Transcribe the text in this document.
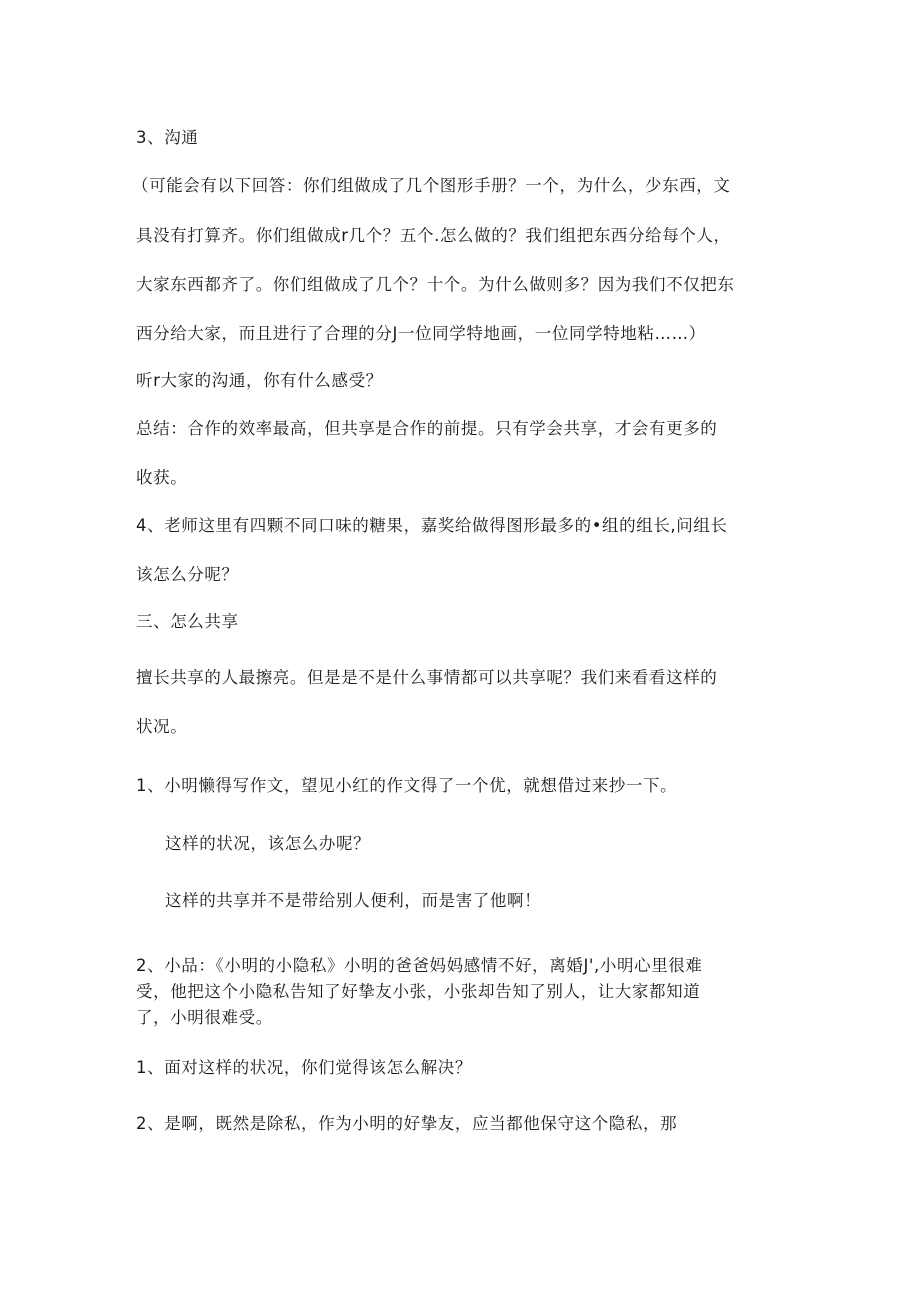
3、沟通
（可能会有以下回答：你们组做成了几个图形手册？一个，为什么，少东西，文
具没有打算齐。你们组做成r几个？五个.怎么做的？我们组把东西分给每个人，
大家东西都齐了。你们组做成了几个？十个。为什么做则多？因为我们不仅把东
西分给大家，而且进行了合理的分J一位同学特地画，一位同学特地粘……）
听r大家的沟通，你有什么感受？
总结：合作的效率最高，但共享是合作的前提。只有学会共享，才会有更多的
收获。
4、老师这里有四颗不同口味的糖果，嘉奖给做得图形最多的•组的组长,问组长
该怎么分呢？
三、怎么共享
擅长共享的人最擦亮。但是是不是什么事情都可以共享呢？我们来看看这样的
状况。
1、小明懒得写作文，望见小红的作文得了一个优，就想借过来抄一下。
这样的状况，该怎么办呢？
这样的共享并不是带给别人便利，而是害了他啊！
2、小品：《小明的小隐私》小明的爸爸妈妈感情不好，离婚J',小明心里很难
受，他把这个小隐私告知了好挚友小张，小张却告知了别人，让大家都知道
了，小明很难受。
1、面对这样的状况，你们觉得该怎么解决？
2、是啊，既然是除私，作为小明的好挚友，应当都他保守这个隐私，那
